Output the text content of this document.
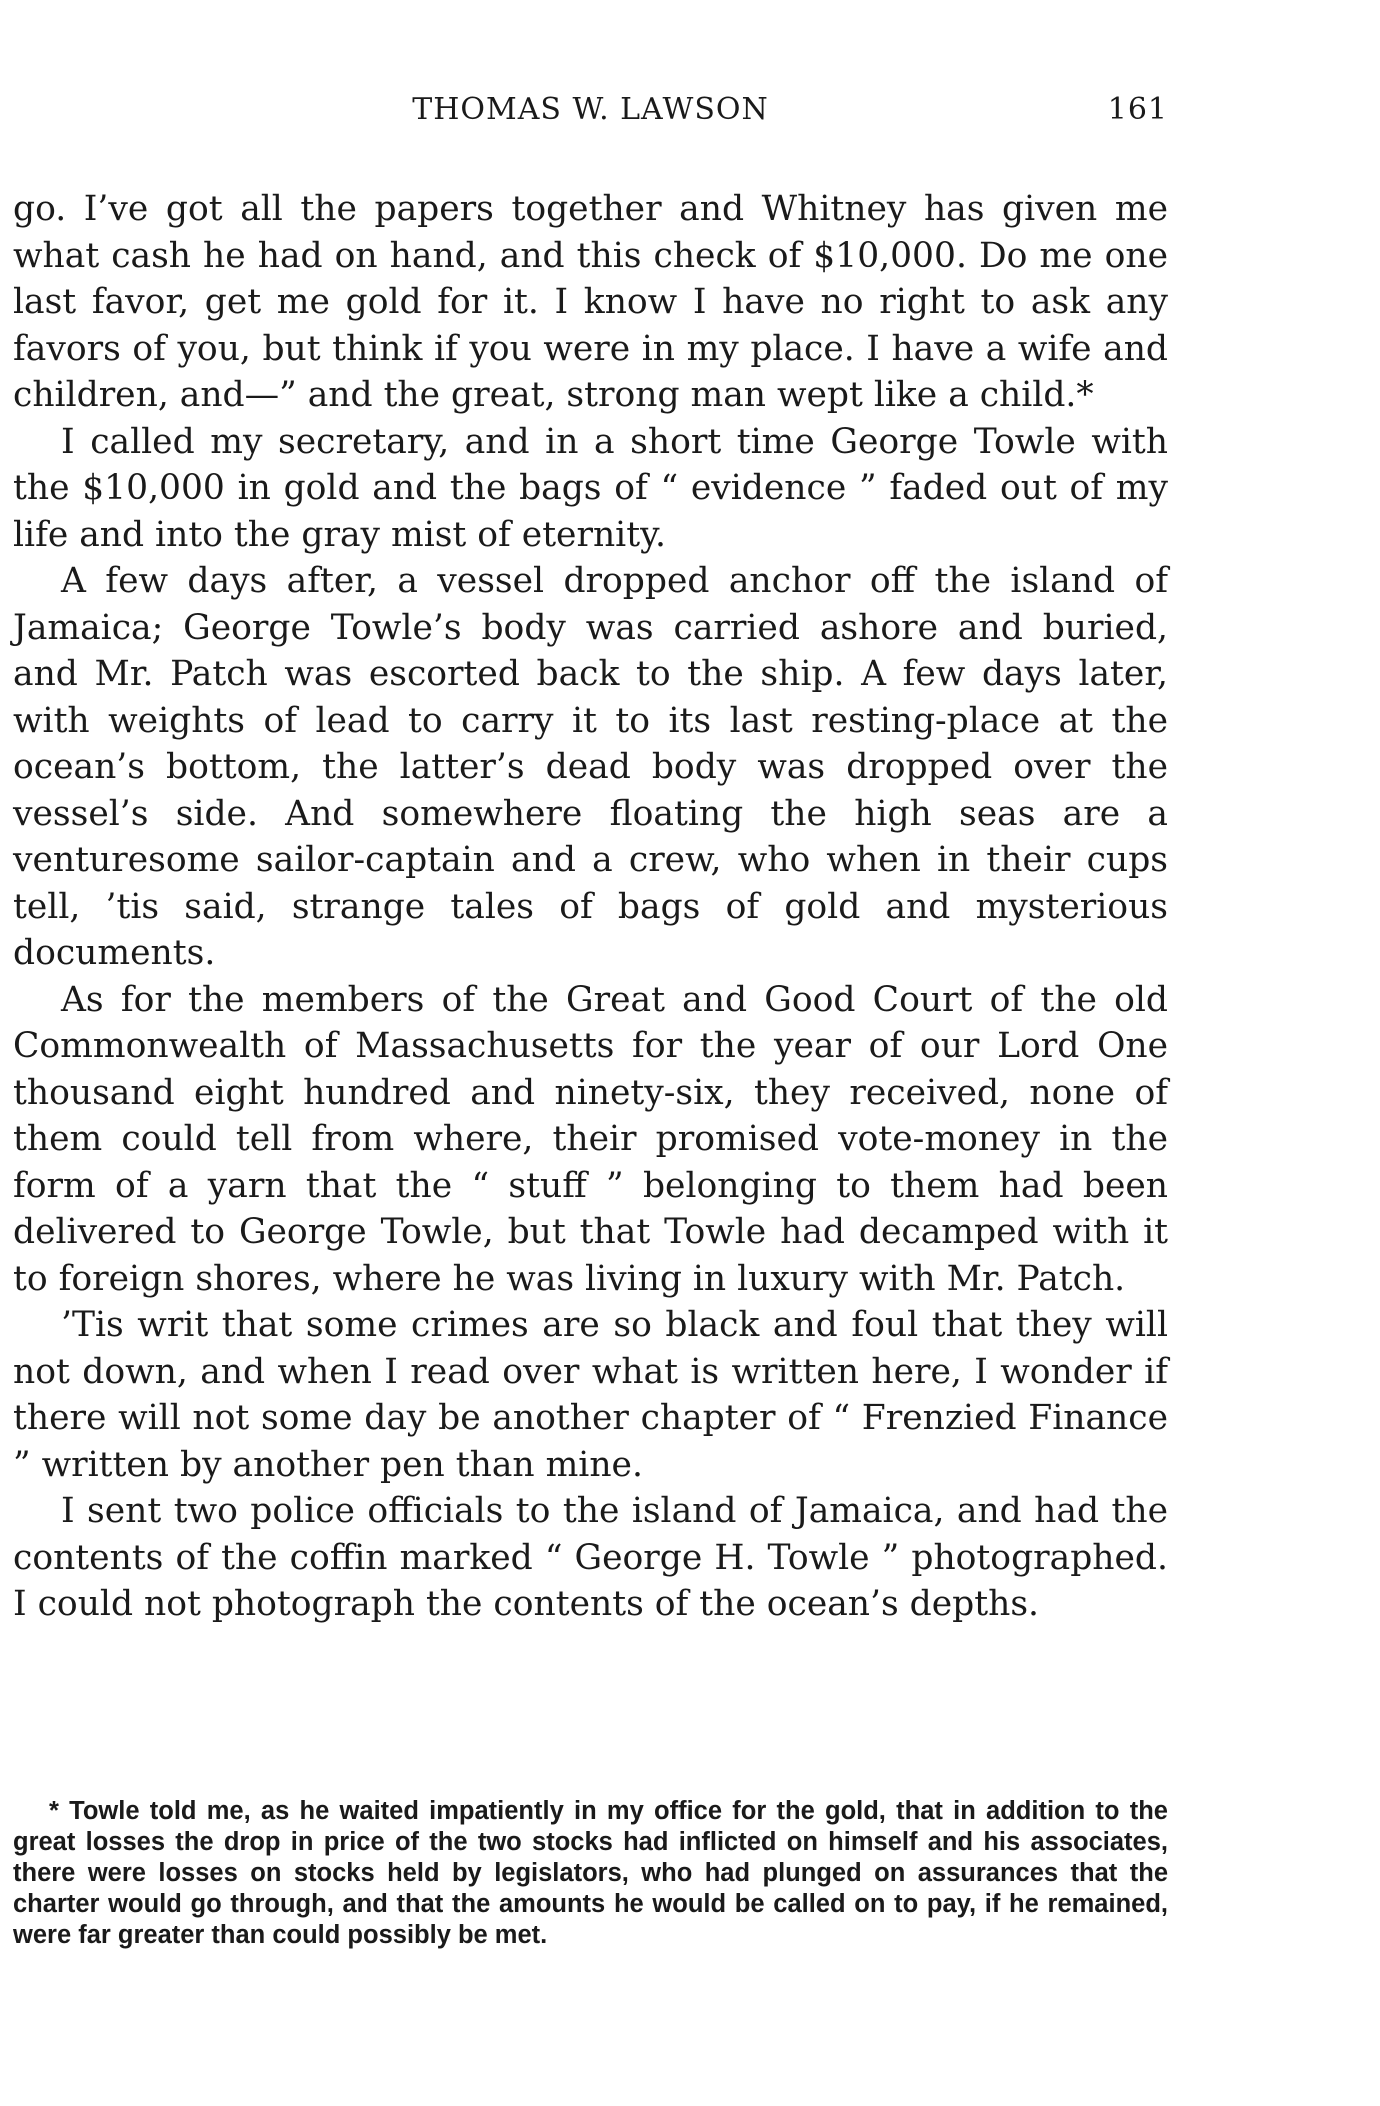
THOMAS W. LAWSON	161

go. I’ve got all the papers together and Whitney has given me what cash he had on hand, and this check of $10,000. Do me one last favor, get me gold for it. I know I have no right to ask any favors of you, but think if you were in my place. I have a wife and children, and—” and the great, strong man wept like a child.*

I called my secretary, and in a short time George Towle with the $10,000 in gold and the bags of “ evidence ” faded out of my life and into the gray mist of eternity.

A few days after, a vessel dropped anchor off the island of Jamaica; George Towle’s body was carried ashore and buried, and Mr. Patch was escorted back to the ship. A few days later, with weights of lead to carry it to its last resting-place at the ocean’s bottom, the latter’s dead body was dropped over the vessel’s side. And somewhere floating the high seas are a venturesome sailor-captain and a crew, who when in their cups tell, ’tis said, strange tales of bags of gold and mysterious documents.

As for the members of the Great and Good Court of the old Commonwealth of Massachusetts for the year of our Lord One thousand eight hundred and ninety-six, they received, none of them could tell from where, their promised vote-money in the form of a yarn that the “ stuff ” belonging to them had been delivered to George Towle, but that Towle had decamped with it to foreign shores, where he was living in luxury with Mr. Patch.

’Tis writ that some crimes are so black and foul that they will not down, and when I read over what is written here, I wonder if there will not some day be another chapter of “ Frenzied Finance ” written by another pen than mine.

I sent two police officials to the island of Jamaica, and had the contents of the coffin marked “ George H. Towle ” photographed. I could not photograph the contents of the ocean’s depths.

* Towle told me, as he waited impatiently in my office for the gold, that in addition to the great losses the drop in price of the two stocks had inflicted on himself and his associates, there were losses on stocks held by legislators, who had plunged on assurances that the charter would go through, and that the amounts he would be called on to pay, if he remained, were far greater than could possibly be met.
